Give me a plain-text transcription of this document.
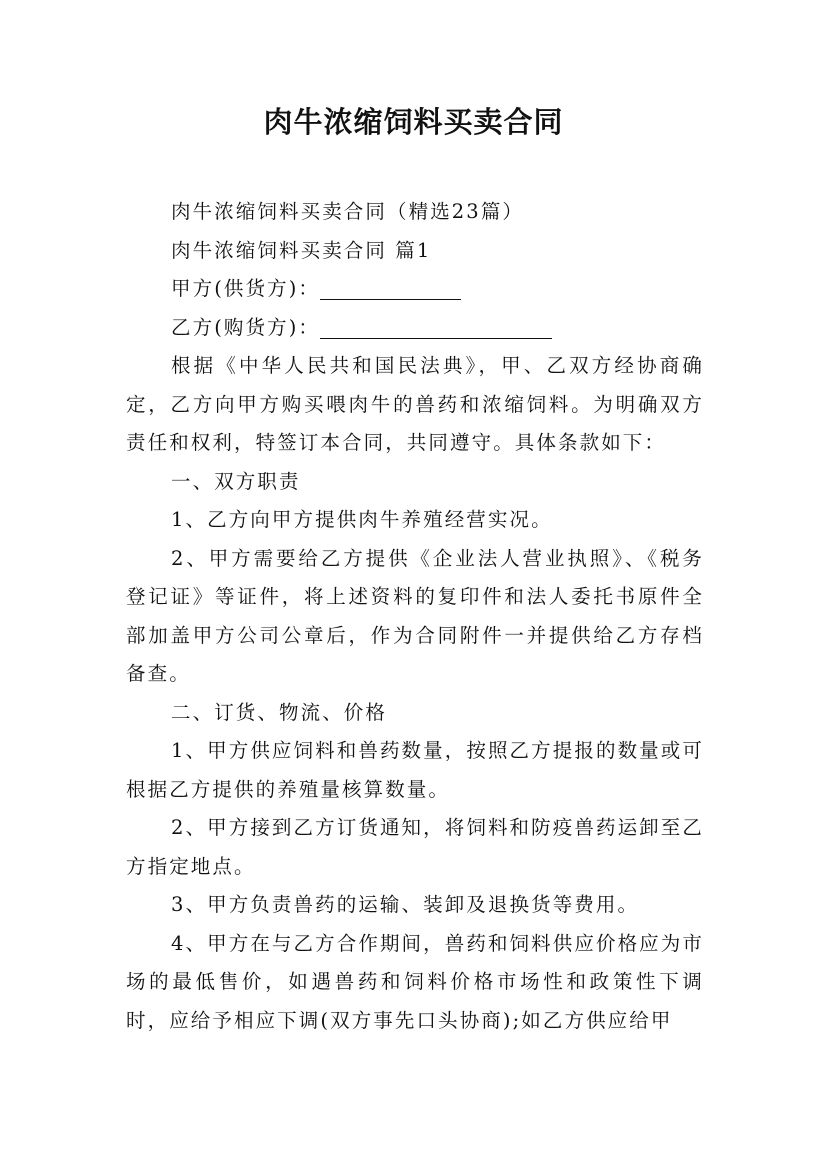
肉牛浓缩饲料买卖合同

肉牛浓缩饲料买卖合同（精选23篇）

肉牛浓缩饲料买卖合同 篇1

甲方(供货方)：

乙方(购货方)：

根据《中华人民共和国民法典》，甲、乙双方经协商确定，乙方向甲方购买喂肉牛的兽药和浓缩饲料。为明确双方责任和权利，特签订本合同，共同遵守。具体条款如下：

一、双方职责

1、乙方向甲方提供肉牛养殖经营实况。

2、甲方需要给乙方提供《企业法人营业执照》、《税务登记证》等证件，将上述资料的复印件和法人委托书原件全部加盖甲方公司公章后，作为合同附件一并提供给乙方存档备查。

二、订货、物流、价格

1、甲方供应饲料和兽药数量，按照乙方提报的数量或可根据乙方提供的养殖量核算数量。

2、甲方接到乙方订货通知，将饲料和防疫兽药运卸至乙方指定地点。

3、甲方负责兽药的运输、装卸及退换货等费用。

4、甲方在与乙方合作期间，兽药和饲料供应价格应为市场的最低售价，如遇兽药和饲料价格市场性和政策性下调时，应给予相应下调(双方事先口头协商);如乙方供应给甲
